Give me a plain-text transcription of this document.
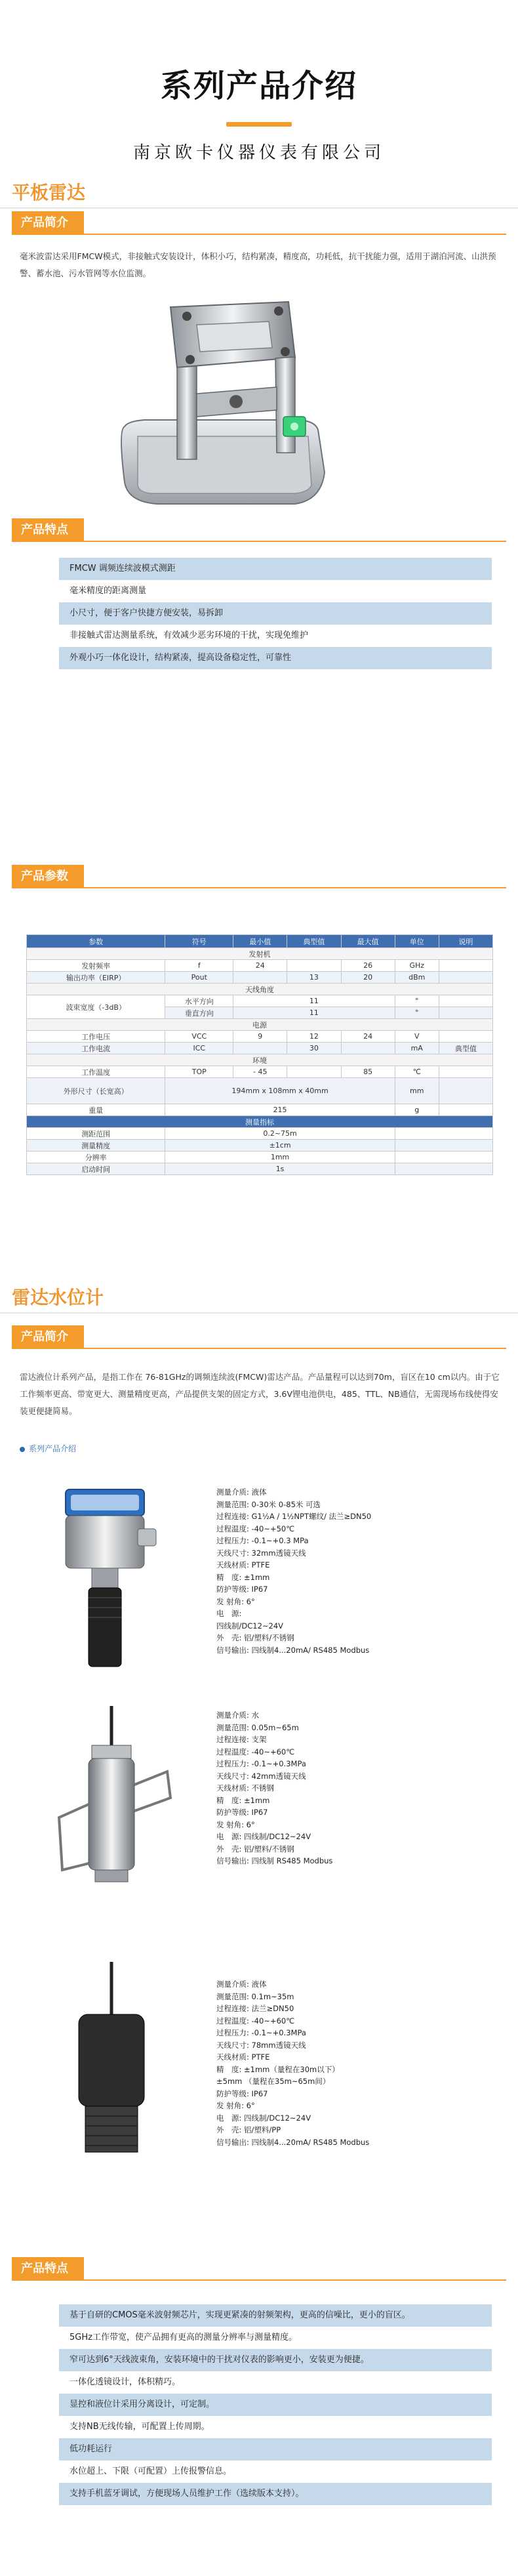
系列产品介绍
南京欧卡仪器仪表有限公司
平板雷达
产品简介
毫米波雷达采用FMCW模式，非接触式安装设计，体积小巧，结构紧凑，精度高，功耗低，抗干扰能力强，适用于湖泊河流、山洪预警、蓄水池、污水管网等水位监测。
产品特点
FMCW 调频连续波模式测距
毫米精度的距离测量
小尺寸，便于客户快捷方便安装，易拆卸
非接触式雷达测量系统，有效减少恶劣环境的干扰，实现免维护
外观小巧一体化设计，结构紧凑，提高设备稳定性，可靠性
产品参数
参数	符号	最小值	典型值	最大值	单位	说明
发射机						
发射频率	f	24		26	GHz	
输出功率（EIRP）	Pout		13	20	dBm	
天线角度						
波束宽度（-3dB）	水平方向	11			°	
	垂直方向	11			°	
电源						
工作电压	VCC	9	12	24	V	
工作电流	ICC		30		mA	典型值
环境						
工作温度	TOP	- 45		85	℃	
外形尺寸（长宽高）	194mm x 108mm x 40mm				mm	
重量	215				g	
测量指标						
测距范围	0.2~75m					
测量精度	±1cm					
分辨率	1mm					
启动时间	1s					
雷达水位计
产品简介
雷达液位计系列产品，是指工作在 76-81GHz的调频连续波(FMCW)雷达产品。产品量程可以达到70m，盲区在10 cm以内。由于它工作频率更高、带宽更大、测量精度更高，产品提供支架的固定方式，3.6V锂电池供电，485、TTL、NB通信，无需现场布线使得安装更便捷简易。
系列产品介绍
测量介质: 液体
测量范围: 0-30米 0-85米 可选
过程连接: G1½A / 1½NPT螺纹/ 法兰≥DN50
过程温度: -40~+50℃
过程压力: -0.1~+0.3 MPa
天线尺寸: 32mm透镜天线
天线材质: PTFE
精　度: ±1mm
防护等级: IP67
发 射角: 6°
电　源:
四线制/DC12~24V
外　壳: 铝/塑料/不锈钢
信号输出: 四线制4...20mA/ RS485 Modbus
测量介质: 水
测量范围: 0.05m~65m
过程连接: 支架
过程温度: -40~+60℃
过程压力: -0.1~+0.3MPa
天线尺寸: 42mm透镜天线
天线材质: 不锈钢
精　度: ±1mm
防护等级: IP67
发 射角: 6°
电　源: 四线制/DC12~24V
外　壳: 铝/塑料/不锈钢
信号输出: 四线制 RS485 Modbus
测量介质: 液体
测量范围: 0.1m~35m
过程连接: 法兰≥DN50
过程温度: -40~+60℃
过程压力: -0.1~+0.3MPa
天线尺寸: 78mm透镜天线
天线材质: PTFE
精　度: ±1mm（量程在30m以下）
±5mm （量程在35m~65m间）
防护等级: IP67
发 射角: 6°
电　源: 四线制/DC12~24V
外　壳: 铝/塑料/PP
信号输出: 四线制4...20mA/ RS485 Modbus
产品特点
基于自研的CMOS毫米波射频芯片，实现更紧凑的射频架构，更高的信噪比，更小的盲区。
5GHz工作带宽，使产品拥有更高的测量分辨率与测量精度。
窄可达到6°天线波束角，安装环境中的干扰对仪表的影响更小，安装更为便捷。
一体化透镜设计，体积精巧。
显控和液位计采用分离设计，可定制。
支持NB无线传输，可配置上传周期。
低功耗运行
水位超上、下限（可配置）上传报警信息。
支持手机蓝牙调试，方便现场人员维护工作（选续版本支持）。
